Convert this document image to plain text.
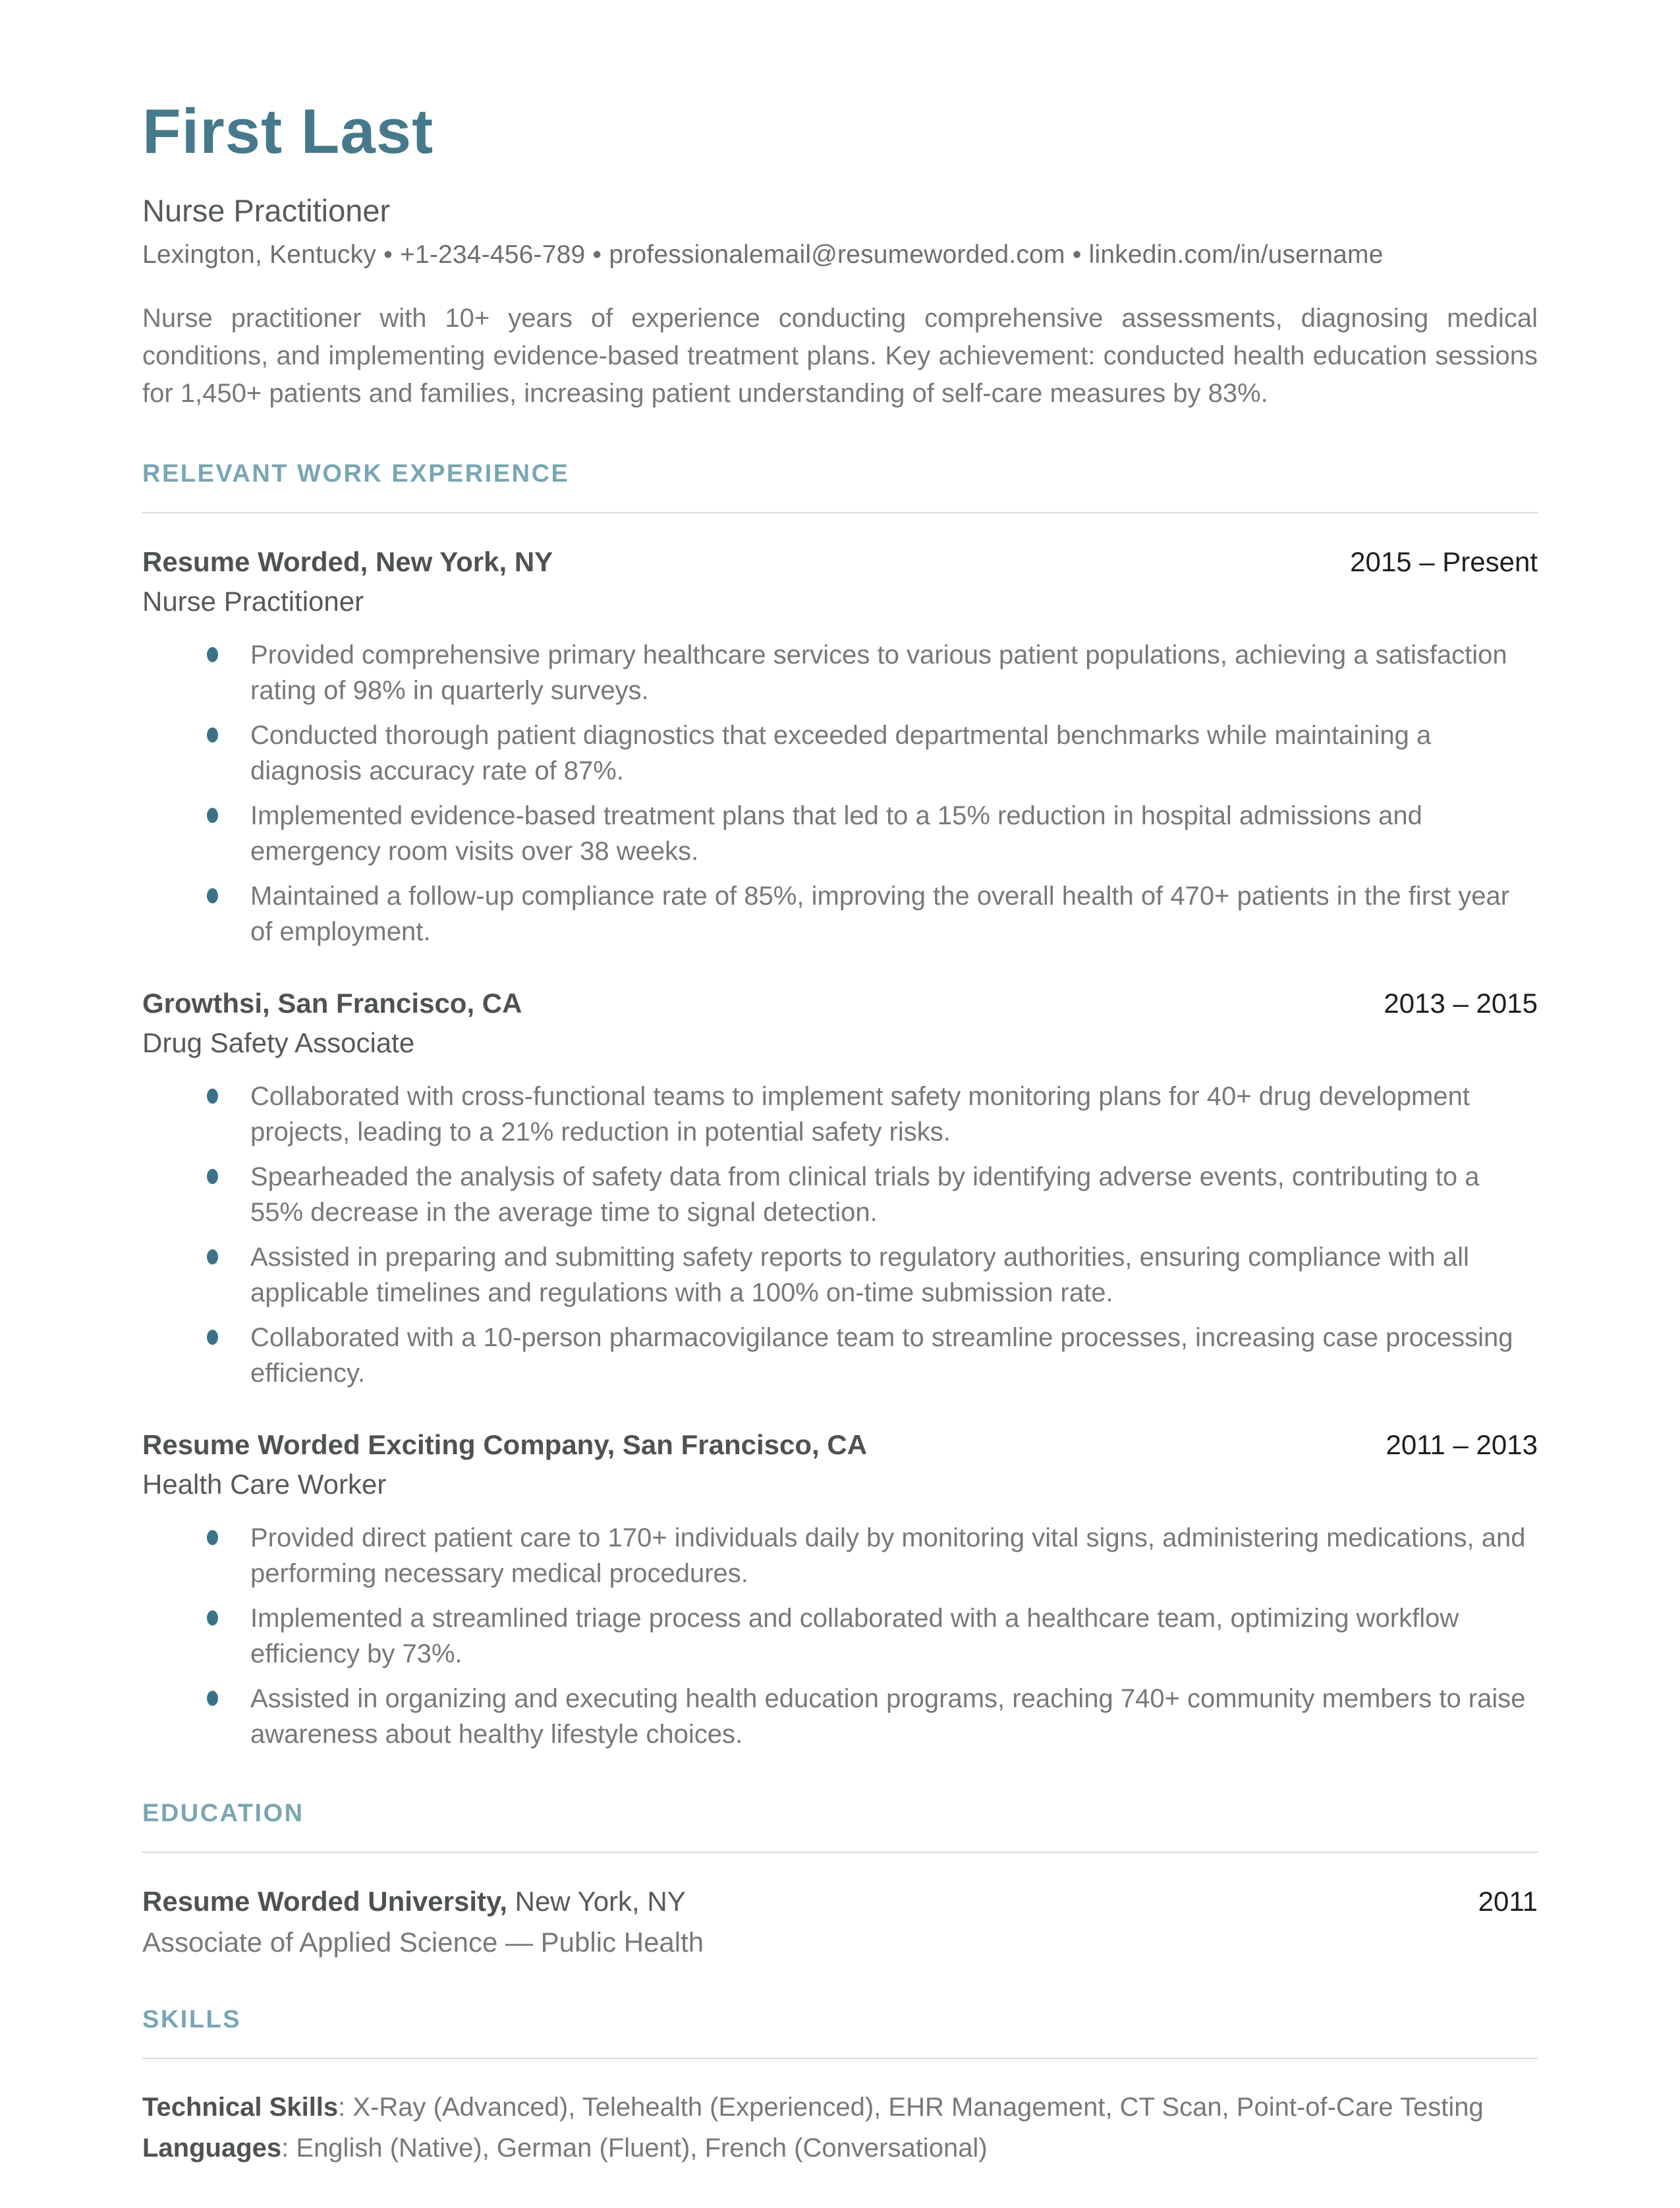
First Last
Nurse Practitioner
Lexington, Kentucky • +1-234-456-789 • professionalemail@resumeworded.com • linkedin.com/in/username

Nurse practitioner with 10+ years of experience conducting comprehensive assessments, diagnosing medical conditions, and implementing evidence-based treatment plans. Key achievement: conducted health education sessions for 1,450+ patients and families, increasing patient understanding of self-care measures by 83%.

RELEVANT WORK EXPERIENCE
Resume Worded, New York, NY	2015 – Present
Nurse Practitioner
Provided comprehensive primary healthcare services to various patient populations, achieving a satisfaction rating of 98% in quarterly surveys.
Conducted thorough patient diagnostics that exceeded departmental benchmarks while maintaining a diagnosis accuracy rate of 87%.
Implemented evidence-based treatment plans that led to a 15% reduction in hospital admissions and emergency room visits over 38 weeks.
Maintained a follow-up compliance rate of 85%, improving the overall health of 470+ patients in the first year of employment.
Growthsi, San Francisco, CA	2013 – 2015
Drug Safety Associate
Collaborated with cross-functional teams to implement safety monitoring plans for 40+ drug development projects, leading to a 21% reduction in potential safety risks.
Spearheaded the analysis of safety data from clinical trials by identifying adverse events, contributing to a 55% decrease in the average time to signal detection.
Assisted in preparing and submitting safety reports to regulatory authorities, ensuring compliance with all applicable timelines and regulations with a 100% on-time submission rate.
Collaborated with a 10-person pharmacovigilance team to streamline processes, increasing case processing efficiency.
Resume Worded Exciting Company, San Francisco, CA	2011 – 2013
Health Care Worker
Provided direct patient care to 170+ individuals daily by monitoring vital signs, administering medications, and performing necessary medical procedures.
Implemented a streamlined triage process and collaborated with a healthcare team, optimizing workflow efficiency by 73%.
Assisted in organizing and executing health education programs, reaching 740+ community members to raise awareness about healthy lifestyle choices.
EDUCATION
Resume Worded University, New York, NY	2011
Associate of Applied Science — Public Health
SKILLS
Technical Skills: X-Ray (Advanced), Telehealth (Experienced), EHR Management, CT Scan, Point-of-Care Testing
Languages: English (Native), German (Fluent), French (Conversational)
